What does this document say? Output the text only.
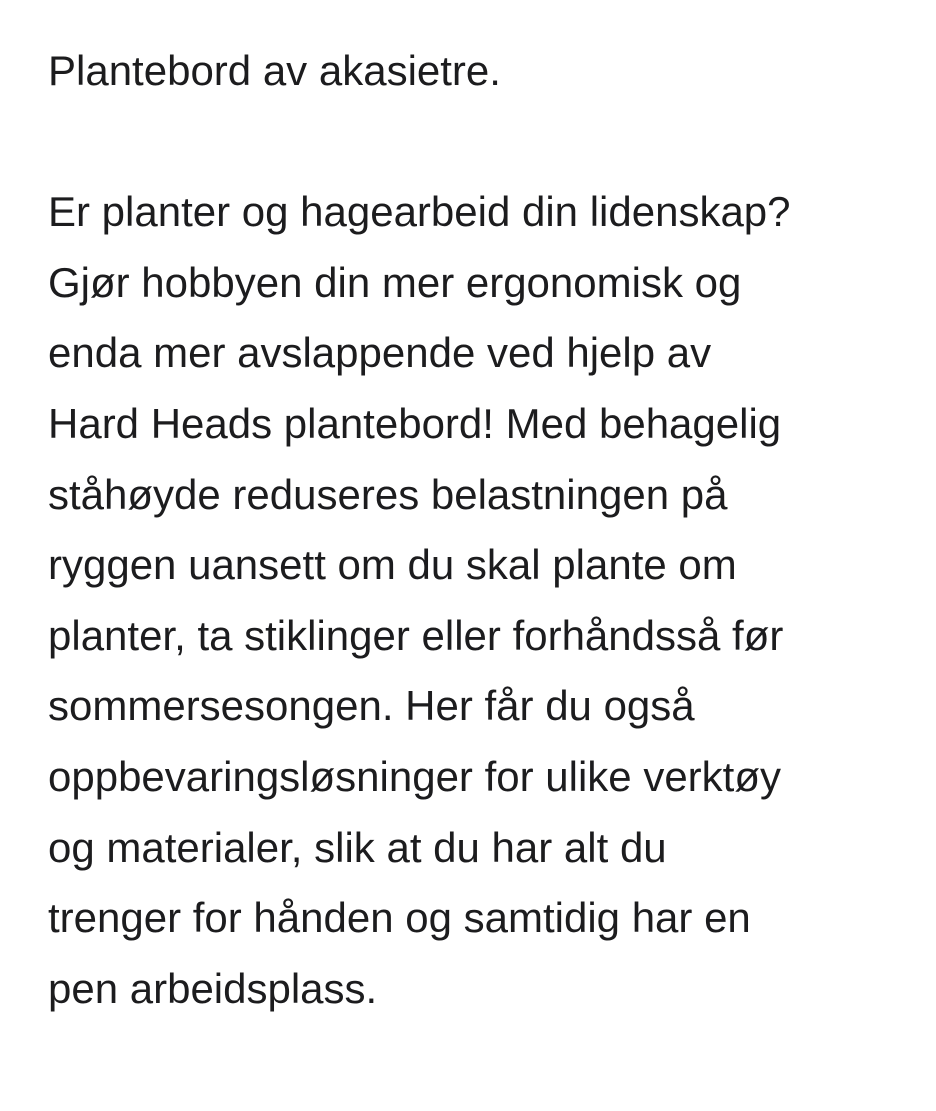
Plantebord av akasietre.
Er planter og hagearbeid din lidenskap?
Gjør hobbyen din mer ergonomisk og
enda mer avslappende ved hjelp av
Hard Heads plantebord! Med behagelig
ståhøyde reduseres belastningen på
ryggen uansett om du skal plante om
planter, ta stiklinger eller forhåndsså før
sommersesongen. Her får du også
oppbevaringsløsninger for ulike verktøy
og materialer, slik at du har alt du
trenger for hånden og samtidig har en
pen arbeidsplass.
